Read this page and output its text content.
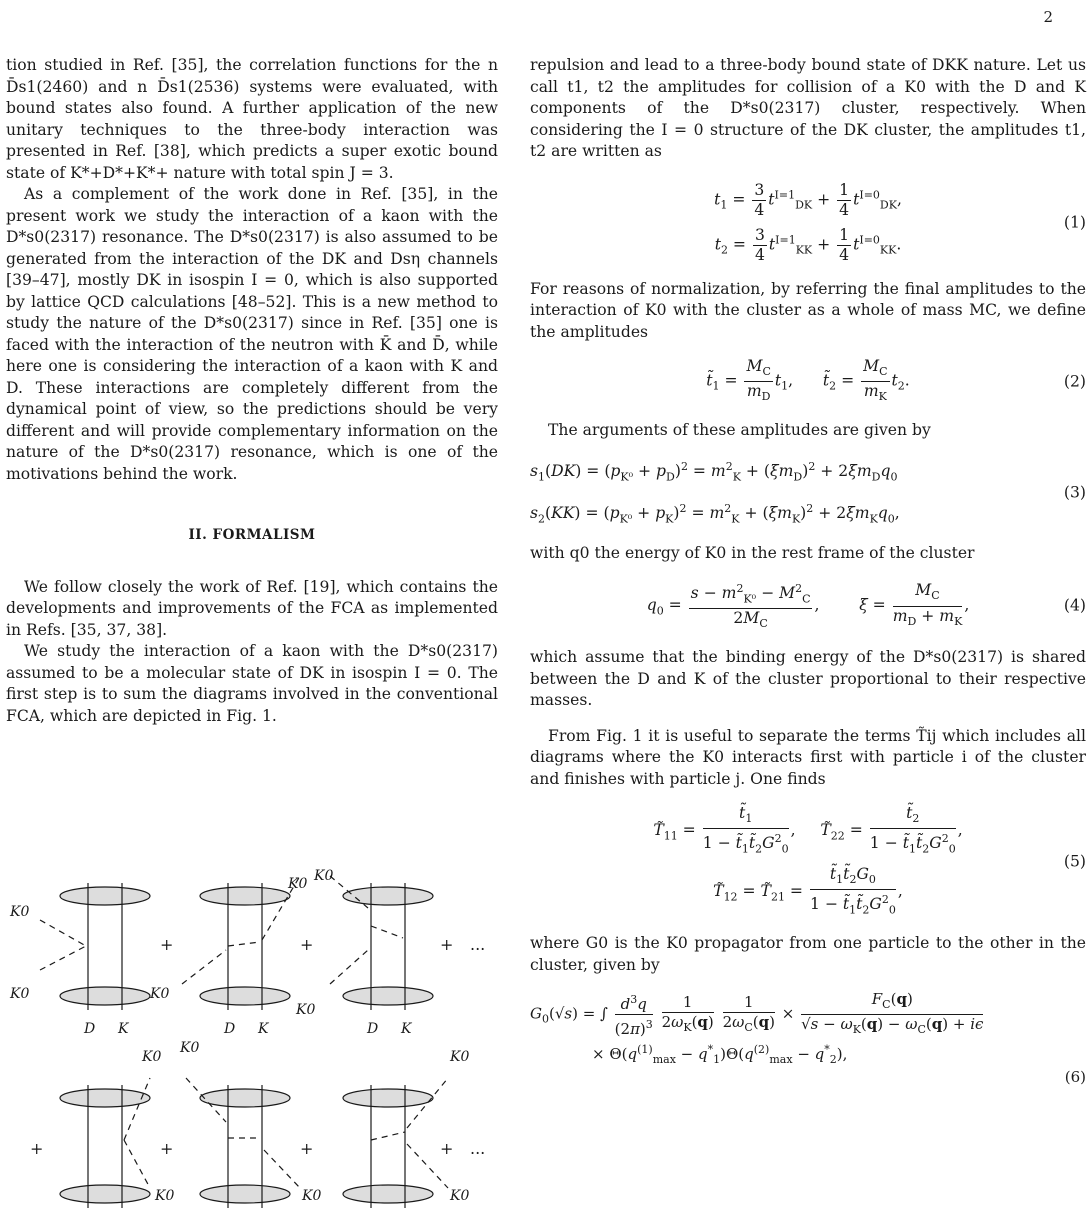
2

tion studied in Ref. [35], the correlation functions for the n D̄s1(2460) and n D̄s1(2536) systems were evaluated, with bound states also found. A further application of the new unitary techniques to the three-body interaction was presented in Ref. [38], which predicts a super exotic bound state of K*+D*+K*+ nature with total spin J = 3.

As a complement of the work done in Ref. [35], in the present work we study the interaction of a kaon with the D*s0(2317) resonance. The D*s0(2317) is also assumed to be generated from the interaction of the DK and Dsη channels [39–47], mostly DK in isospin I = 0, which is also supported by lattice QCD calculations [48–52]. This is a new method to study the nature of the D*s0(2317) since in Ref. [35] one is faced with the interaction of the neutron with K̄ and D̄, while here one is considering the interaction of a kaon with K and D. These interactions are completely different from the dynamical point of view, so the predictions should be very different and will provide complementary information on the nature of the D*s0(2317) resonance, which is one of the motivations behind the work.

II. FORMALISM

We follow closely the work of Ref. [19], which contains the developments and improvements of the FCA as implemented in Refs. [35, 37, 38].

We study the interaction of a kaon with the D*s0(2317) assumed to be a molecular state of DK in isospin I = 0. The first step is to sum the diagrams involved in the conventional FCA, which are depicted in Fig. 1.

K0
K0
D K
K0
D K
K0 K0
K0
D K
K0
K0
K0
K0	K0	K0
+	+	+ ...
+	+	+	+ ...

repulsion and lead to a three-body bound state of DKK nature. Let us call t1, t2 the amplitudes for collision of a K0 with the D and K components of the D*s0(2317) cluster, respectively. When considering the I = 0 structure of the DK cluster, the amplitudes t1, t2 are written as

$t_1 = \frac{3}{4} t^{I=1}_{DK} + \frac{1}{4} t^{I=0}_{DK}$,
$t_2 = \frac{3}{4} t^{I=1}_{KK} + \frac{1}{4} t^{I=0}_{KK}$.
(1)

For reasons of normalization, by referring the final amplitudes to the interaction of K0 with the cluster as a whole of mass MC, we define the amplitudes

$t̃_1 = \frac{M_C}{m_D} t_1$,      $t̃_2 = \frac{M_C}{m_K} t_2$.	(2)

The arguments of these amplitudes are given by

$s_1(DK) = (p_{K^0} + p_D)^2 = m^2_K + (\xi m_D)^2 + 2\xi m_Dq_0$
$s_2(KK) = (p_{K^0} + p_K)^2 = m^2_K + (\xi m_K)^2 + 2\xi m_Kq_0$,
(3)

with q0 the energy of K0 in the rest frame of the cluster

$q_0 = \frac{s - m^2_{K^0} - M^2_C}{2M_C}$ ,        $\xi = \frac{M_C}{m_D + m_K}$ ,	(4)

which assume that the binding energy of the D*s0(2317) is shared between the D and K of the cluster proportional to their respective masses.

From Fig. 1 it is useful to separate the terms T̃ij which includes all diagrams where the K0 interacts first with particle i of the cluster and finishes with particle j. One finds

$T̃_{11} = \frac{t̃_1}{1 - t̃_1t̃_2G^2_0}$ ,     $T̃_{22} = \frac{t̃_2}{1 - t̃_1t̃_2G^2_0}$ ,
$T̃_{12}$ = $T̃_{21} = \frac{t̃_1t̃_2G_0}{1 - t̃_1t̃_2G^2_0}$ ,
(5)

where G0 is the K0 propagator from one particle to the other in the cluster, given by

$G_0(√s)$ = ∫ $\frac{d^3q}{(2\pi)^3}$
$\frac{1}{2\omega_K(q)}$
$\frac{1}{2\omega_C(q)} \times \frac{F_C(q)}{√s - \omega_K(q) - \omega_C(q) + i\epsilon}$
× $\Theta(q^{(1)}_{max} - q^*_1)\Theta(q^{(2)}_{max} - q^*_2)$,
(6)
